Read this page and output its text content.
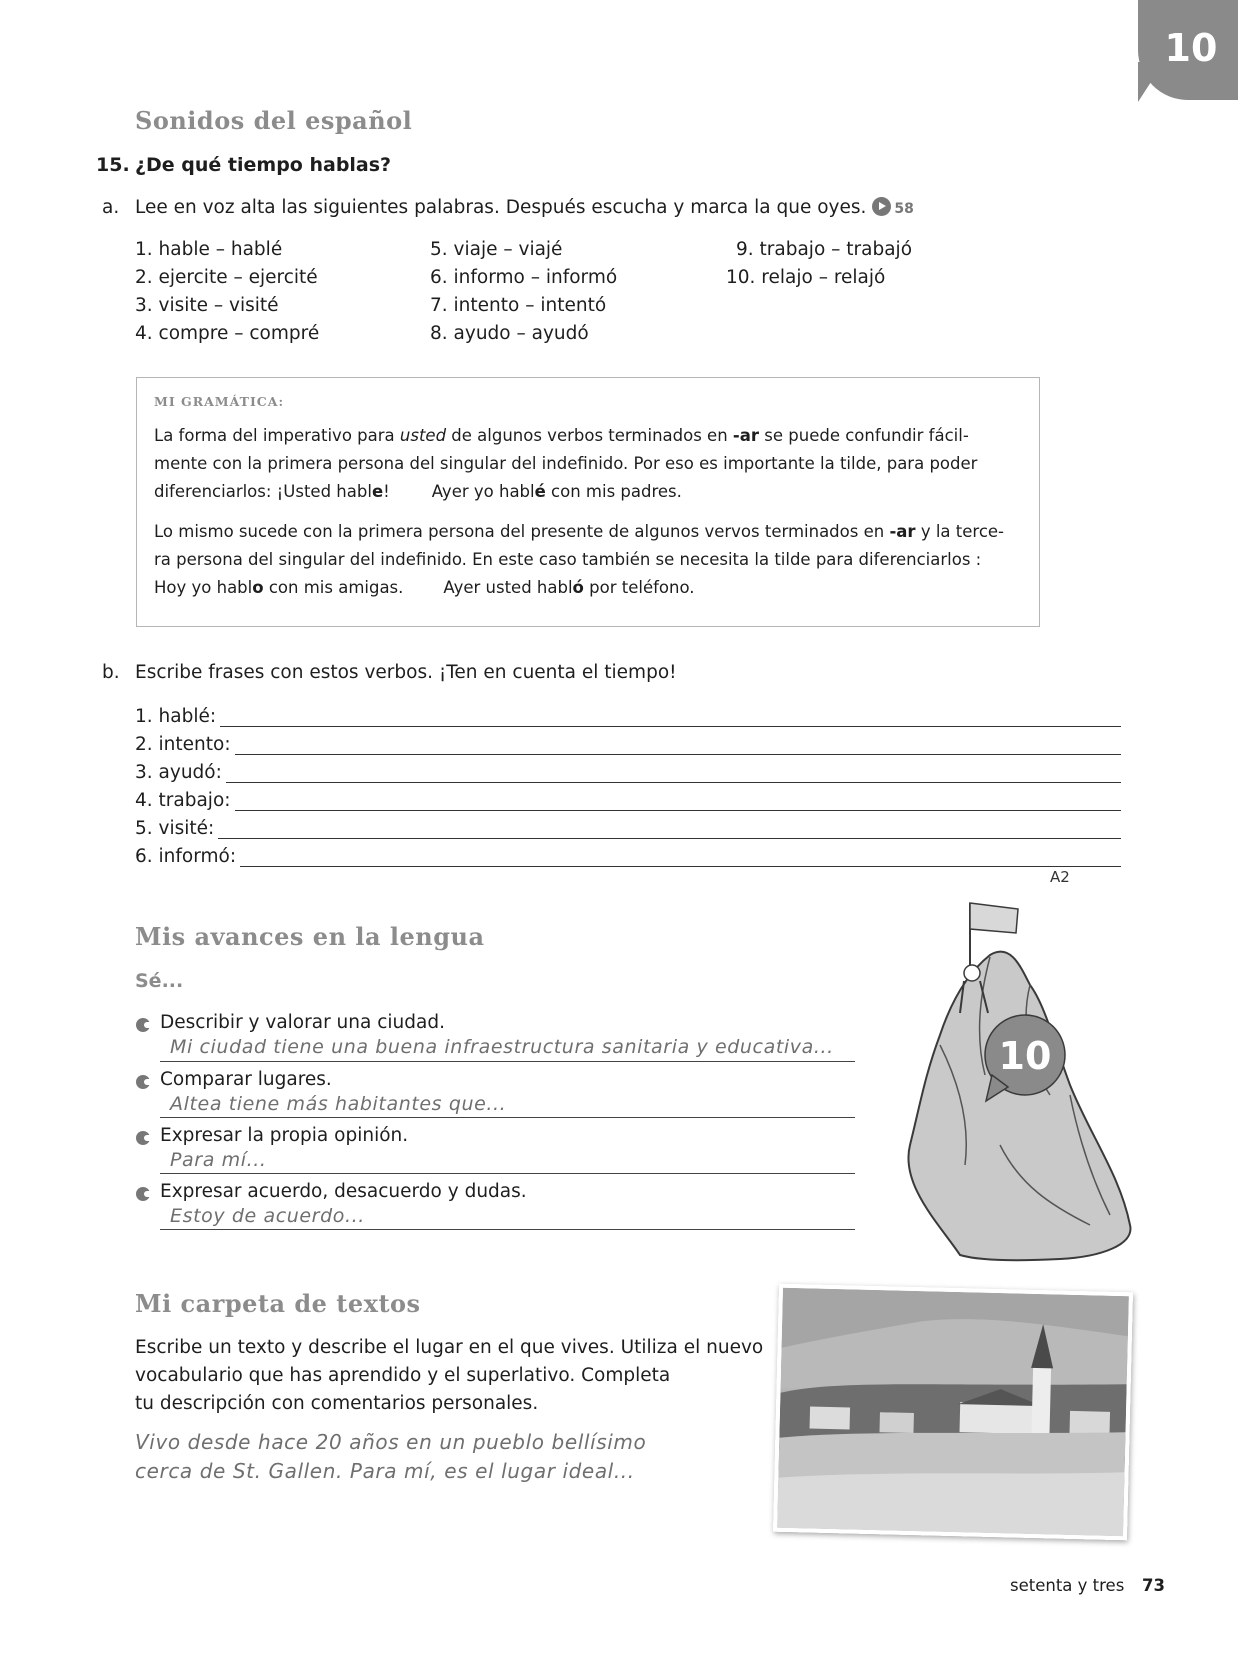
10
Sonidos del español
15. ¿De qué tiempo hablas?
a. Lee en voz alta las siguientes palabras. Después escucha y marca la que oyes. 58
1. hable – hablé
2. ejercite – ejercité
3. visite – visité
4. compre – compré
5. viaje – viajé
6. informo – informó
7. intento – intentó
8. ayudo – ayudó
9. trabajo – trabajó
10. relajo – relajó
MI GRAMÁTICA:
La forma del imperativo para usted de algunos verbos terminados en -ar se puede confundir fácil-
mente con la primera persona del singular del indefinido. Por eso es importante la tilde, para poder
diferenciarlos: ¡Usted hable!	Ayer yo hablé con mis padres.
Lo mismo sucede con la primera persona del presente de algunos vervos terminados en -ar y la terce-
ra persona del singular del indefinido. En este caso también se necesita la tilde para diferenciarlos :
Hoy yo hablo con mis amigas. Ayer usted habló por teléfono.
b. Escribe frases con estos verbos. ¡Ten en cuenta el tiempo!
1. hablé:
2. intento:
3. ayudó:
4. trabajo:
5. visité:
6. informó:
Mis avances en la lengua
Sé...
Describir y valorar una ciudad.
Mi ciudad tiene una buena infraestructura sanitaria y educativa...
Comparar lugares.
Altea tiene más habitantes que...
Expresar la propia opinión.
Para mí...
Expresar acuerdo, desacuerdo y dudas.
Estoy de acuerdo...
A2
10
Mi carpeta de textos
Escribe un texto y describe el lugar en el que vives. Utiliza el nuevo
vocabulario que has aprendido y el superlativo. Completa
tu descripción con comentarios personales.
Vivo desde hace 20 años en un pueblo bellísimo
cerca de St. Gallen. Para mí, es el lugar ideal...
setenta y tres 73
